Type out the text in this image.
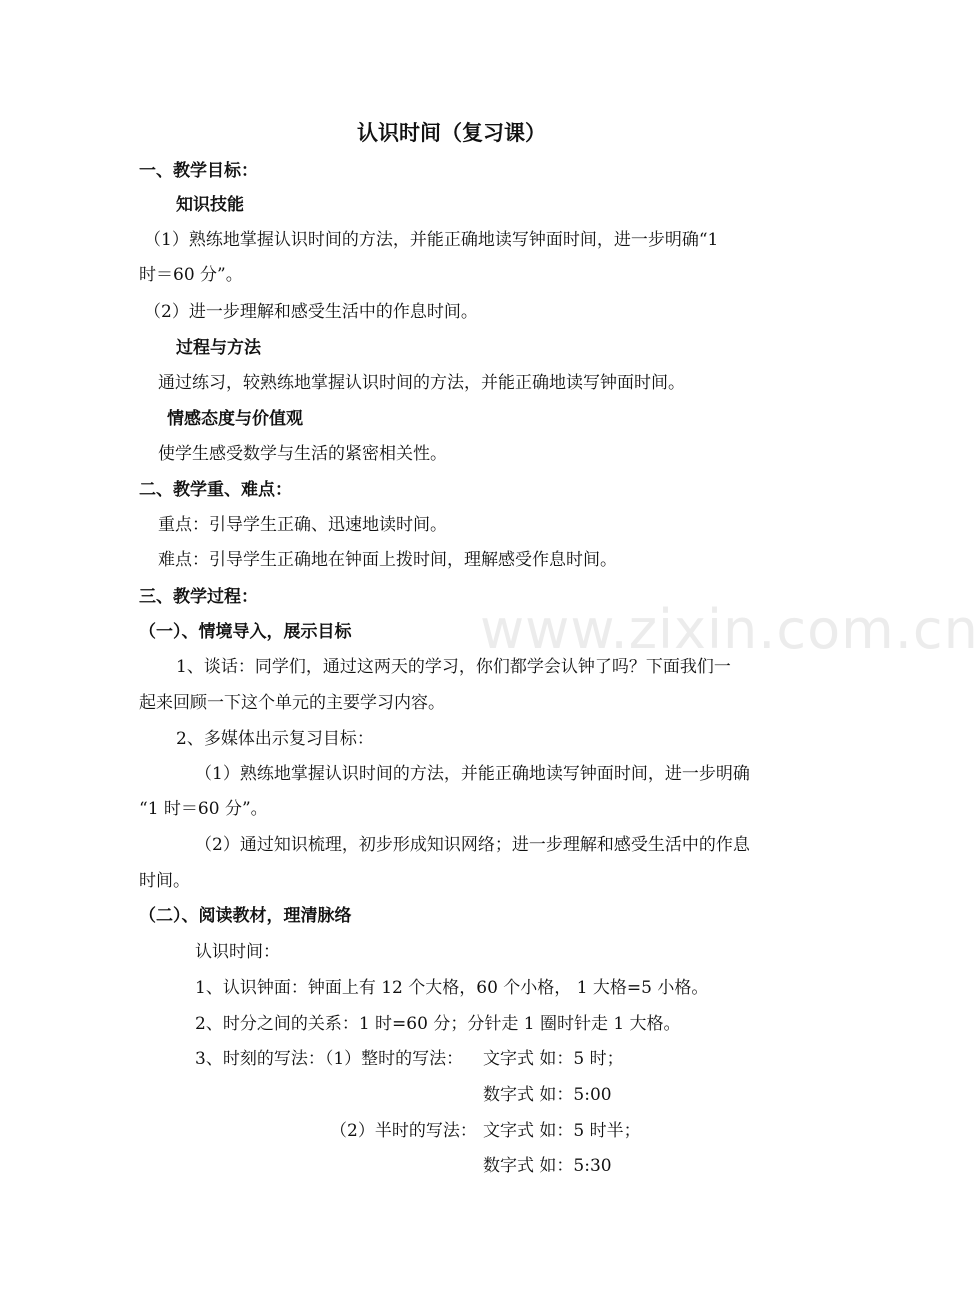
www.zixin.com.cn
认识时间（复习课）

一、教学目标：

知识技能

（1）熟练地掌握认识时间的方法，并能正确地读写钟面时间，进一步明确“1

时＝60 分”。

（2）进一步理解和感受生活中的作息时间。

过程与方法

通过练习，较熟练地掌握认识时间的方法，并能正确地读写钟面时间。

情感态度与价值观

使学生感受数学与生活的紧密相关性。

二、教学重、难点：

重点：引导学生正确、迅速地读时间。

难点：引导学生正确地在钟面上拨时间，理解感受作息时间。

三、教学过程：

（一）、情境导入，展示目标

1、谈话：同学们，通过这两天的学习，你们都学会认钟了吗？下面我们一

起来回顾一下这个单元的主要学习内容。

2、多媒体出示复习目标：

（1）熟练地掌握认识时间的方法，并能正确地读写钟面时间，进一步明确

“1 时＝60 分”。

（2）通过知识梳理，初步形成知识网络；进一步理解和感受生活中的作息

时间。

（二）、阅读教材，理清脉络

认识时间：

1、认识钟面：钟面上有 12 个大格，60 个小格， 1 大格=5 小格。

2、时分之间的关系：1 时=60 分；分针走 1 圈时针走 1 大格。

3、时刻的写法：（1）整时的写法： 文字式 如：5 时；

数字式 如：5:00

（2）半时的写法： 文字式 如：5 时半；

数字式 如：5:30
